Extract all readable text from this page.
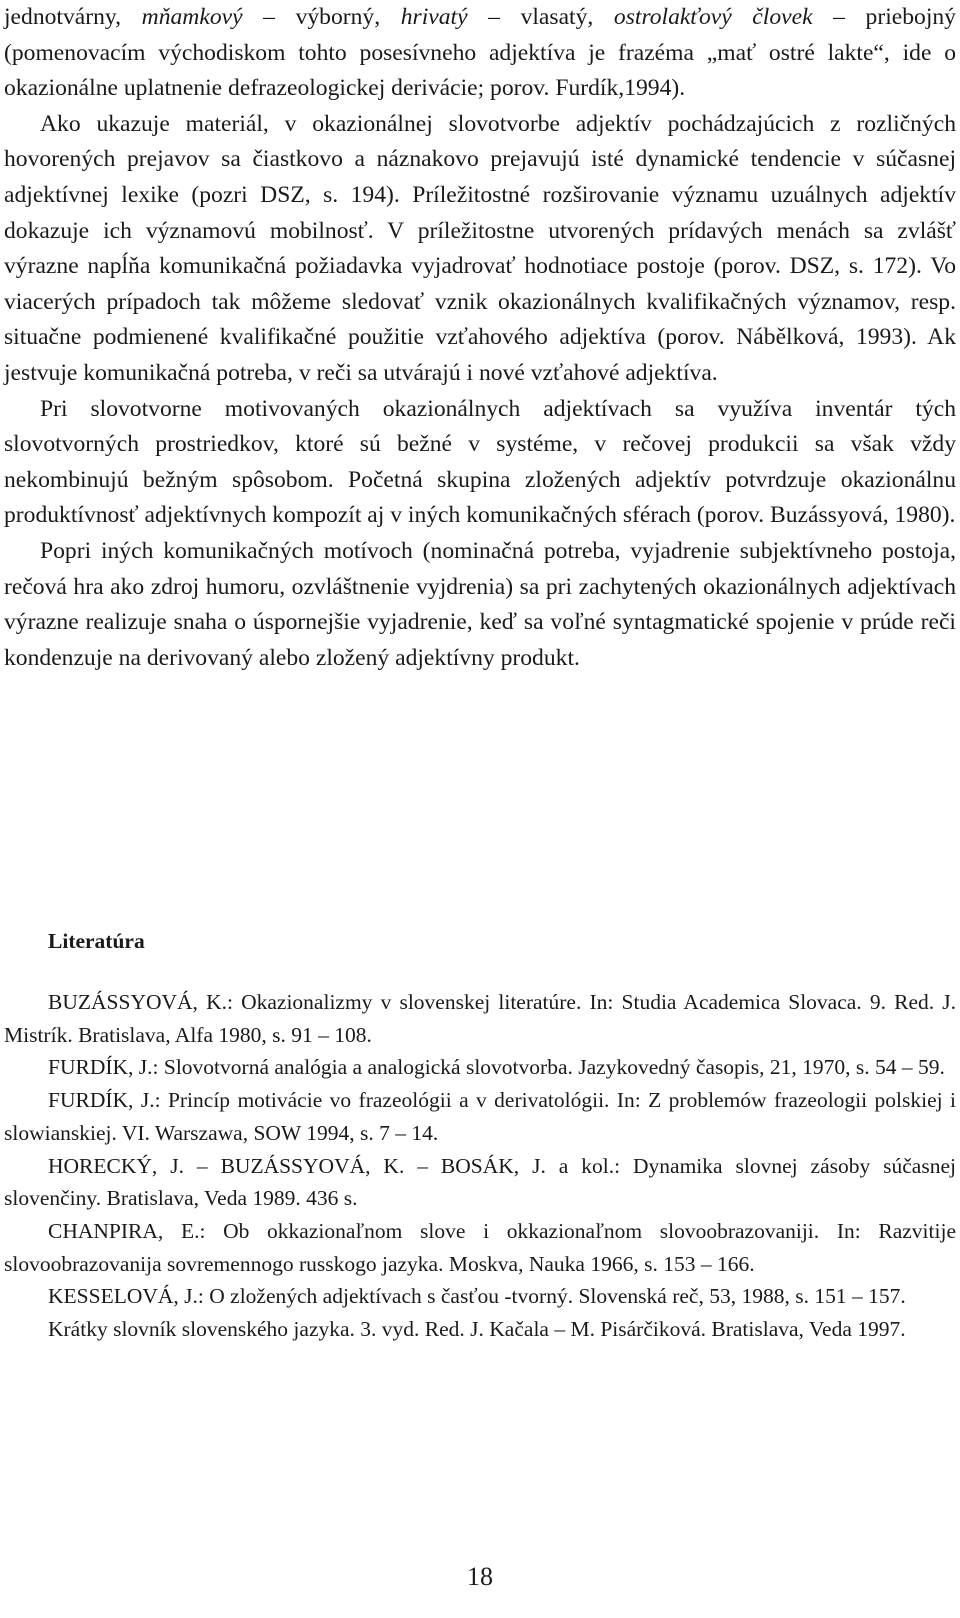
jednotvárny, mňamkový – výborný, hrivatý – vlasatý, ostrolakťový človek – priebojný (pomenovacím východiskom tohto posesívneho adjektíva je frazéma „mať ostré lakte“, ide o okazionálne uplatnenie defrazeologickej derivácie; porov. Furdík,1994).

Ako ukazuje materiál, v okazionálnej slovotvorbe adjektív pochádzajúcich z rozličných hovorených prejavov sa čiastkovo a náznakovo prejavujú isté dynamické tendencie v súčasnej adjektívnej lexike (pozri DSZ, s. 194). Príležitostné rozširovanie významu uzuálnych adjektív dokazuje ich významovú mobilnosť. V príležitostne utvorených prídavých menách sa zvlášť výrazne napĺňa komunikačná požiadavka vyjadrovať hodnotiace postoje (porov. DSZ, s. 172). Vo viacerých prípadoch tak môžeme sledovať vznik okazionálnych kvalifikačných významov, resp. situačne podmienené kvalifikačné použitie vzťahového adjektíva (porov. Nábělková, 1993). Ak jestvuje komunikačná potreba, v reči sa utvárajú i nové vzťahové adjektíva.

Pri slovotvorne motivovaných okazionálnych adjektívach sa využíva inventár tých slovotvorných prostriedkov, ktoré sú bežné v systéme, v rečovej produkcii sa však vždy nekombinujú bežným spôsobom. Početná skupina zložených adjektív potvrdzuje okazionálnu produktívnosť adjektívnych kompozít aj v iných komunikačných sférach (porov. Buzássyová, 1980).

Popri iných komunikačných motívoch (nominačná potreba, vyjadrenie subjektívneho postoja, rečová hra ako zdroj humoru, ozvláštnenie vyjdrenia) sa pri zachytených okazionálnych adjektívach výrazne realizuje snaha o úspornejšie vyjadrenie, keď sa voľné syntagmatické spojenie v prúde reči kondenzuje na derivovaný alebo zložený adjektívny produkt.

Literatúra

BUZÁSSYOVÁ, K.: Okazionalizmy v slovenskej literatúre. In: Studia Academica Slovaca. 9. Red. J. Mistrík. Bratislava, Alfa 1980, s. 91 – 108.

FURDÍK, J.: Slovotvorná analógia a analogická slovotvorba. Jazykovedný časopis, 21, 1970, s. 54 – 59.

FURDÍK, J.: Princíp motivácie vo frazeológii a v derivatológii. In: Z problemów frazeologii polskiej i slowianskiej. VI. Warszawa, SOW 1994, s. 7 – 14.

HORECKÝ, J. – BUZÁSSYOVÁ, K. – BOSÁK, J. a kol.: Dynamika slovnej zásoby súčasnej slovenčiny. Bratislava, Veda 1989. 436 s.

CHANPIRA, E.: Ob okkazionaľnom slove i okkazionaľnom slovoobrazovaniji. In: Razvitije slovoobrazovanija sovremennogo russkogo jazyka. Moskva, Nauka 1966, s. 153 – 166.

KESSELOVÁ, J.: O zložených adjektívach s časťou -tvorný. Slovenská reč, 53, 1988, s. 151 – 157.

Krátky slovník slovenského jazyka. 3. vyd. Red. J. Kačala – M. Pisárčiková. Bratislava, Veda 1997.

18
